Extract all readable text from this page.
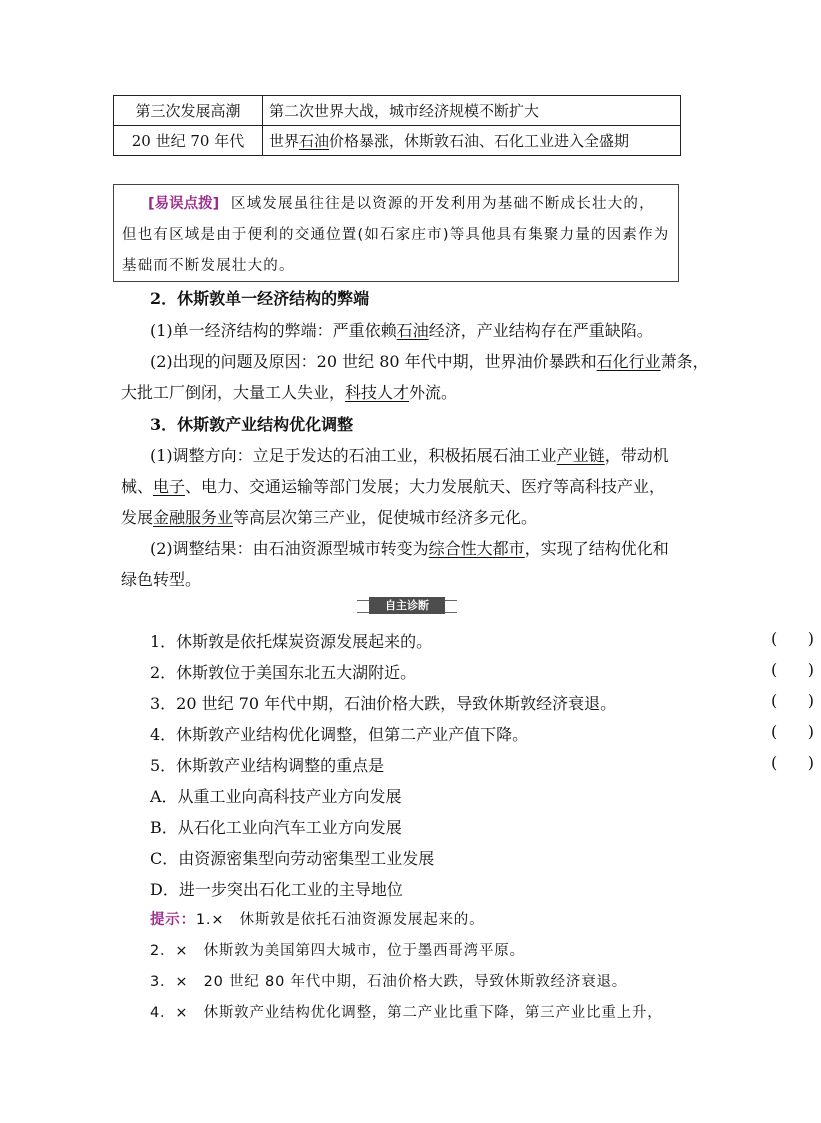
第三次发展高潮	第二次世界大战，城市经济规模不断扩大
20 世纪 70 年代	世界石油价格暴涨，休斯敦石油、石化工业进入全盛期
[易误点拨] 区域发展虽往往是以资源的开发利用为基础不断成长壮大的，但也有区域是由于便利的交通位置(如石家庄市)等具他具有集聚力量的因素作为基础而不断发展壮大的。
2．休斯敦单一经济结构的弊端
(1)单一经济结构的弊端：严重依赖石油经济，产业结构存在严重缺陷。
(2)出现的问题及原因：20 世纪 80 年代中期，世界油价暴跌和石化行业萧条，
大批工厂倒闭，大量工人失业，科技人才外流。
3．休斯敦产业结构优化调整
(1)调整方向：立足于发达的石油工业，积极拓展石油工业产业链，带动机
械、电子、电力、交通运输等部门发展；大力发展航天、医疗等高科技产业，
发展金融服务业等高层次第三产业，促使城市经济多元化。
(2)调整结果：由石油资源型城市转变为综合性大都市，实现了结构优化和
绿色转型。
自主诊断
1．休斯敦是依托煤炭资源发展起来的。	(      )
2．休斯敦位于美国东北五大湖附近。	(      )
3．20 世纪 70 年代中期，石油价格大跌，导致休斯敦经济衰退。	(      )
4．休斯敦产业结构优化调整，但第二产业产值下降。	(      )
5．休斯敦产业结构调整的重点是	(      )
A．从重工业向高科技产业方向发展
B．从石化工业向汽车工业方向发展
C．由资源密集型向劳动密集型工业发展
D．进一步突出石化工业的主导地位
提示：1.×　休斯敦是依托石油资源发展起来的。
2．×　休斯敦为美国第四大城市，位于墨西哥湾平原。
3．×　20 世纪 80 年代中期，石油价格大跌，导致休斯敦经济衰退。
4．×　休斯敦产业结构优化调整，第二产业比重下降，第三产业比重上升，
